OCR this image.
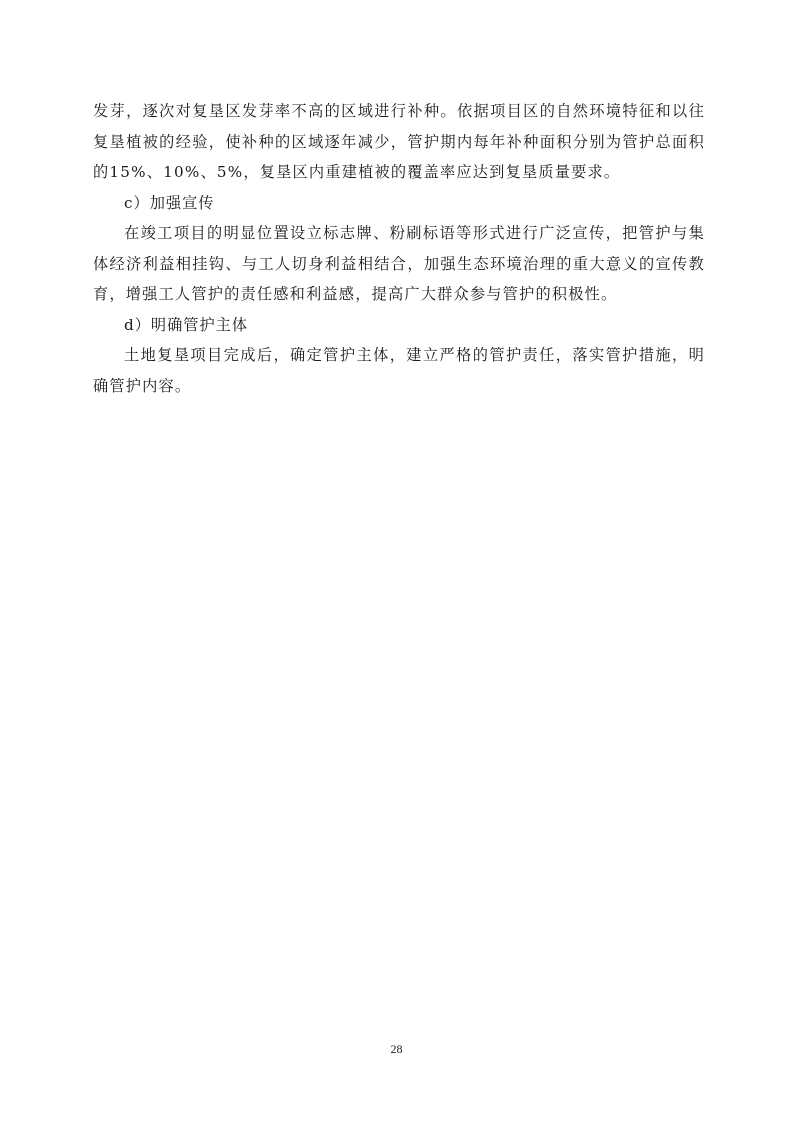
发芽，逐次对复垦区发芽率不高的区域进行补种。依据项目区的自然环境特征和以往复垦植被的经验，使补种的区域逐年减少，管护期内每年补种面积分别为管护总面积的15%、10%、5%，复垦区内重建植被的覆盖率应达到复垦质量要求。

c）加强宣传

在竣工项目的明显位置设立标志牌、粉刷标语等形式进行广泛宣传，把管护与集体经济利益相挂钩、与工人切身利益相结合，加强生态环境治理的重大意义的宣传教育，增强工人管护的责任感和利益感，提高广大群众参与管护的积极性。

d）明确管护主体

土地复垦项目完成后，确定管护主体，建立严格的管护责任，落实管护措施，明确管护内容。

28
